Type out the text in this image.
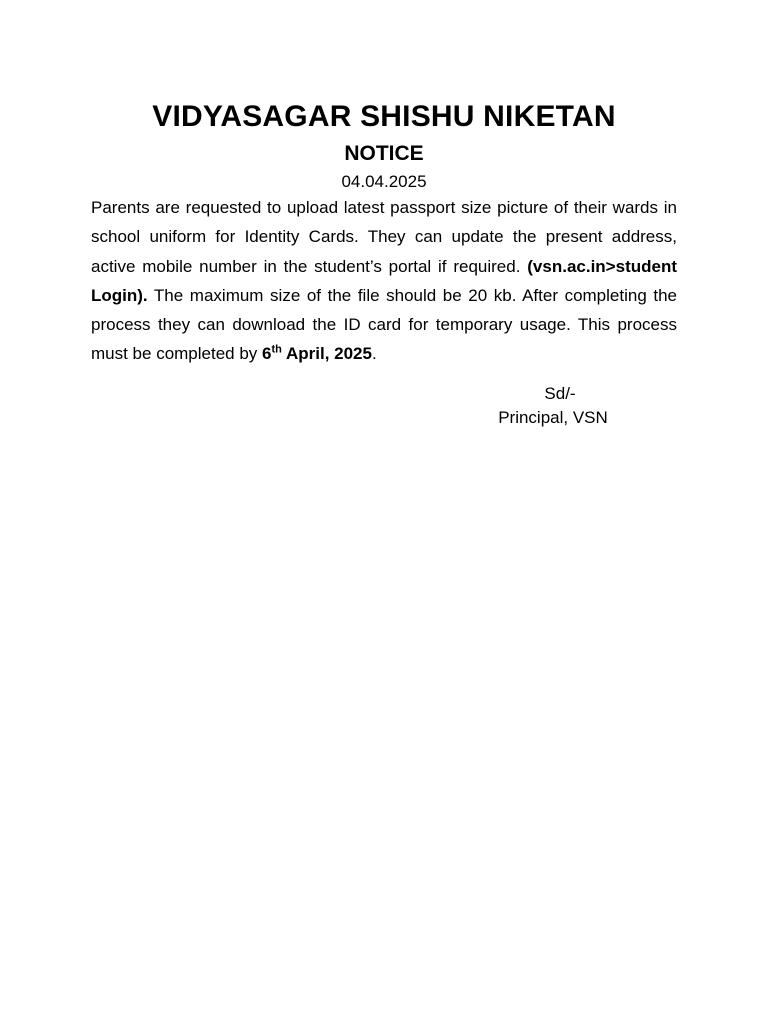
VIDYASAGAR SHISHU NIKETAN
NOTICE
04.04.2025

Parents are requested to upload latest passport size picture of their wards in school uniform for Identity Cards. They can update the present address, active mobile number in the student’s portal if required. (vsn.ac.in>student Login). The maximum size of the file should be 20 kb. After completing the process they can download the ID card for temporary usage. This process must be completed by 6th April, 2025.

Sd/-
Principal, VSN
